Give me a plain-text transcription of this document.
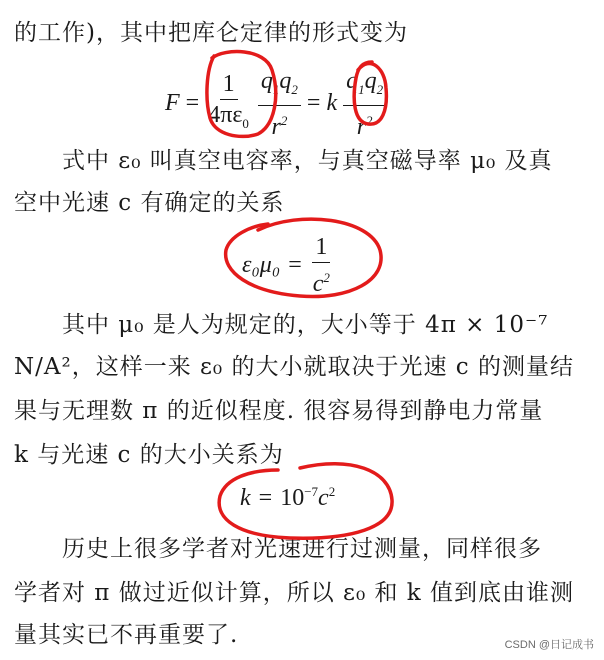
的工作)，其中把库仑定律的形式变为
$F = \frac{1}{4\pi\varepsilon_0} \frac{q_1q_2}{r^2} = k \frac{q_1q_2}{r^2}$
式中 ε₀ 叫真空电容率，与真空磁导率 μ₀ 及真
空中光速 c 有确定的关系
$\varepsilon_0\mu_0 = \frac{1}{c^2}$
其中 μ₀ 是人为规定的，大小等于 4π × 10⁻⁷
N/A²，这样一来 ε₀ 的大小就取决于光速 c 的测量结
果与无理数 π 的近似程度. 很容易得到静电力常量
k 与光速 c 的大小关系为
$k = 10^{-7}c^2$
历史上很多学者对光速进行过测量，同样很多
学者对 π 做过近似计算，所以 ε₀ 和 k 值到底由谁测
量其实已不再重要了.	CSDN @日记成书
